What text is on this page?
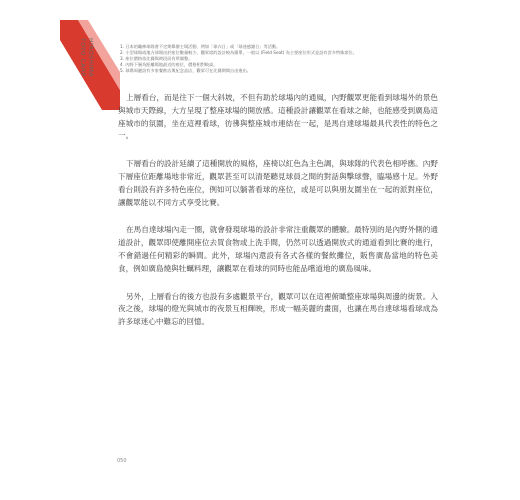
HIROSHIMA
TOYO CARP	1. 日本的職棒球隊會不定期舉辦主場活動、例如「球衣日」或「球迷感謝日」等活動。
2. 小型球場或地方球場由於座位數量較少，觀眾席的設計較為簡單，一般以 (Field Seat) 為主要座位形式並設有許多特殊席位。
3. 座位價格依比賽與時段而有所調整。
4. 內野下層為距離場地最近的座位，價格相對較高。
5. 球場周邊設有多家餐飲店與紀念品店，觀眾可在比賽期間自由進出。

上層看台，而是往下一個大斜坡，不但有助於球場內的通風，內野觀眾更能看到球場外的景色與城市天際線，大方呈現了整座球場的開放感。這種設計讓觀眾在看球之餘，也能感受到廣島這座城市的氛圍，坐在這裡看球，彷彿與整座城市連結在一起，是馬自達球場最具代表性的特色之一。

下層看台的設計延續了這種開放的風格，座椅以紅色為主色調，與球隊的代表色相呼應。內野下層座位距離場地非常近，觀眾甚至可以清楚聽見球員之間的對話與擊球聲，臨場感十足。外野看台則設有許多特色座位，例如可以躺著看球的座位，或是可以與朋友圍坐在一起的派對座位，讓觀眾能以不同方式享受比賽。

在馬自達球場內走一圈，就會發現球場的設計非常注重觀眾的體驗。最特別的是內野外側的通道設計，觀眾即使離開座位去買食物或上洗手間，仍然可以透過開放式的通道看到比賽的進行，不會錯過任何精彩的瞬間。此外，球場內還設有各式各樣的餐飲攤位，販售廣島當地的特色美食，例如廣島燒與牡蠣料理，讓觀眾在看球的同時也能品嚐道地的廣島風味。

另外，上層看台的後方也設有多處觀景平台，觀眾可以在這裡俯瞰整座球場與周邊的街景。入夜之後，球場的燈光與城市的夜景互相輝映，形成一幅美麗的畫面，也讓在馬自達球場看球成為許多球迷心中難忘的回憶。

050
